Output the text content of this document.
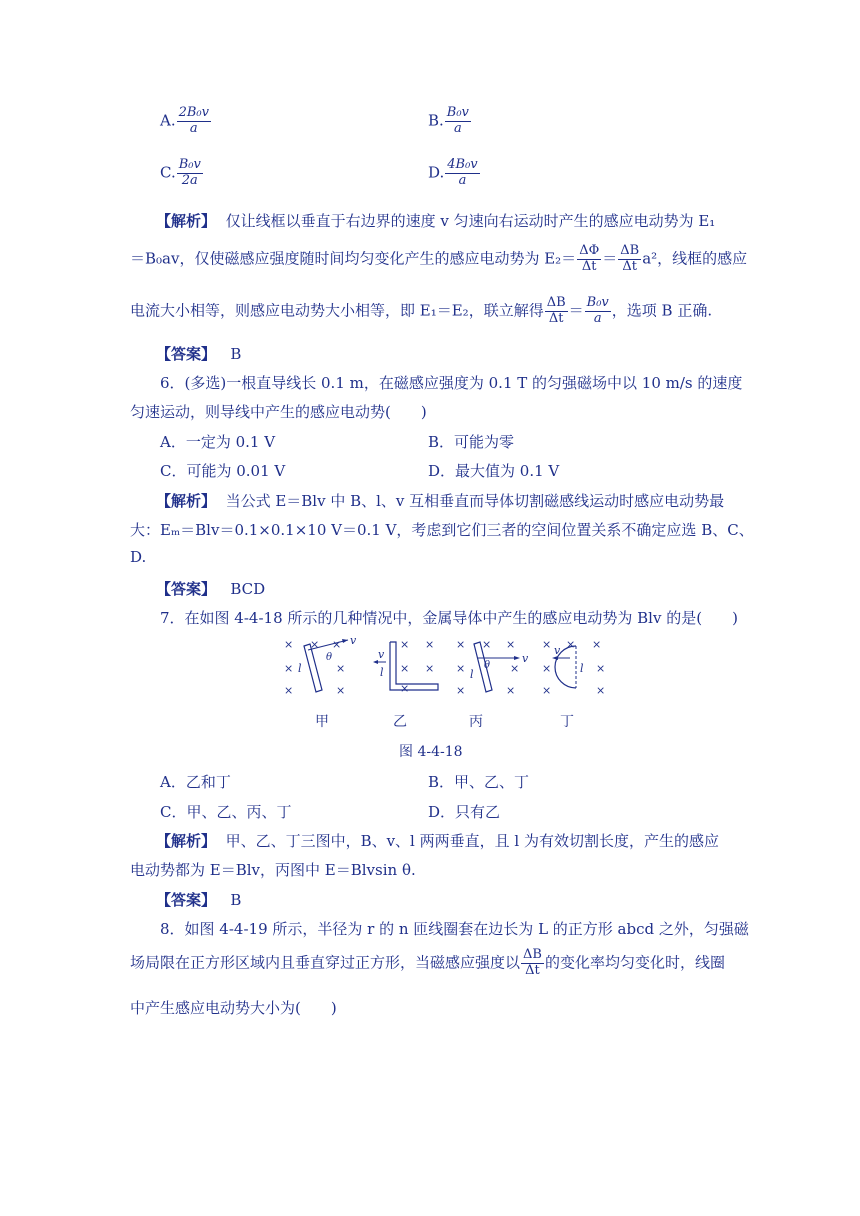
A. $\frac{\text{2B₀v}}{a}$	B. $\frac{\text{B₀v}}{a}$
C. $\frac{\text{B₀v}}{2a}$	D. $\frac{\text{4B₀v}}{a}$
【解析】 仅让线框以垂直于右边界的速度 v 匀速向右运动时产生的感应电动势为 E₁
＝B₀av，仅使磁感应强度随时间均匀变化产生的感应电动势为 $E_2= \frac{\Delta\Phi}{\Delta t} = \frac{\Delta B}{\Delta t} a^2$，线框的感应
电流大小相等，则感应电动势大小相等，即 E₁＝E₂，联立解得 $\frac{\Delta B}{\Delta t} = \frac{\text{B₀v}}{a}$ ，选项 B 正确.
【答案】 B
6．(多选)一根直导线长 0.1 m，在磁感应强度为 0.1 T 的匀强磁场中以 10 m/s 的速度
匀速运动，则导线中产生的感应电动势(　　)
A．一定为 0.1 V	B．可能为零
C．可能为 0.01 V	D．最大值为 0.1 V
【解析】 当公式 E＝Blv 中 B、l、v 互相垂直而导体切割磁感线运动时感应电动势最
大：Eₘ＝Blv＝0.1×0.1×10 V＝0.1 V，考虑到它们三者的空间位置关系不确定应选 B、C、
D.
【答案】 BCD
7．在如图 4-4-18 所示的几种情况中，金属导体中产生的感应电动势为 Blv 的是(　　)
× × ×
×	×
×	×
v
θ
l
× ×
× ×
×
v
l
× × ×
×	×
×	×
v
θ
l
× × ×
×	×
×	×
v
l
甲	乙	丙	丁
图 4-4-18
A．乙和丁	B．甲、乙、丁
C．甲、乙、丙、丁	D．只有乙
【解析】 甲、乙、丁三图中，B、v、l 两两垂直，且 l 为有效切割长度，产生的感应
电动势都为 E＝Blv，丙图中 E＝Blvsin θ.
【答案】 B
8．如图 4-4-19 所示，半径为 r 的 n 匝线圈套在边长为 L 的正方形 abcd 之外，匀强磁
场局限在正方形区域内且垂直穿过正方形，当磁感应强度以 $\frac{\Delta B}{\Delta t}$ 的变化率均匀变化时，线圈
中产生感应电动势大小为(　　)
